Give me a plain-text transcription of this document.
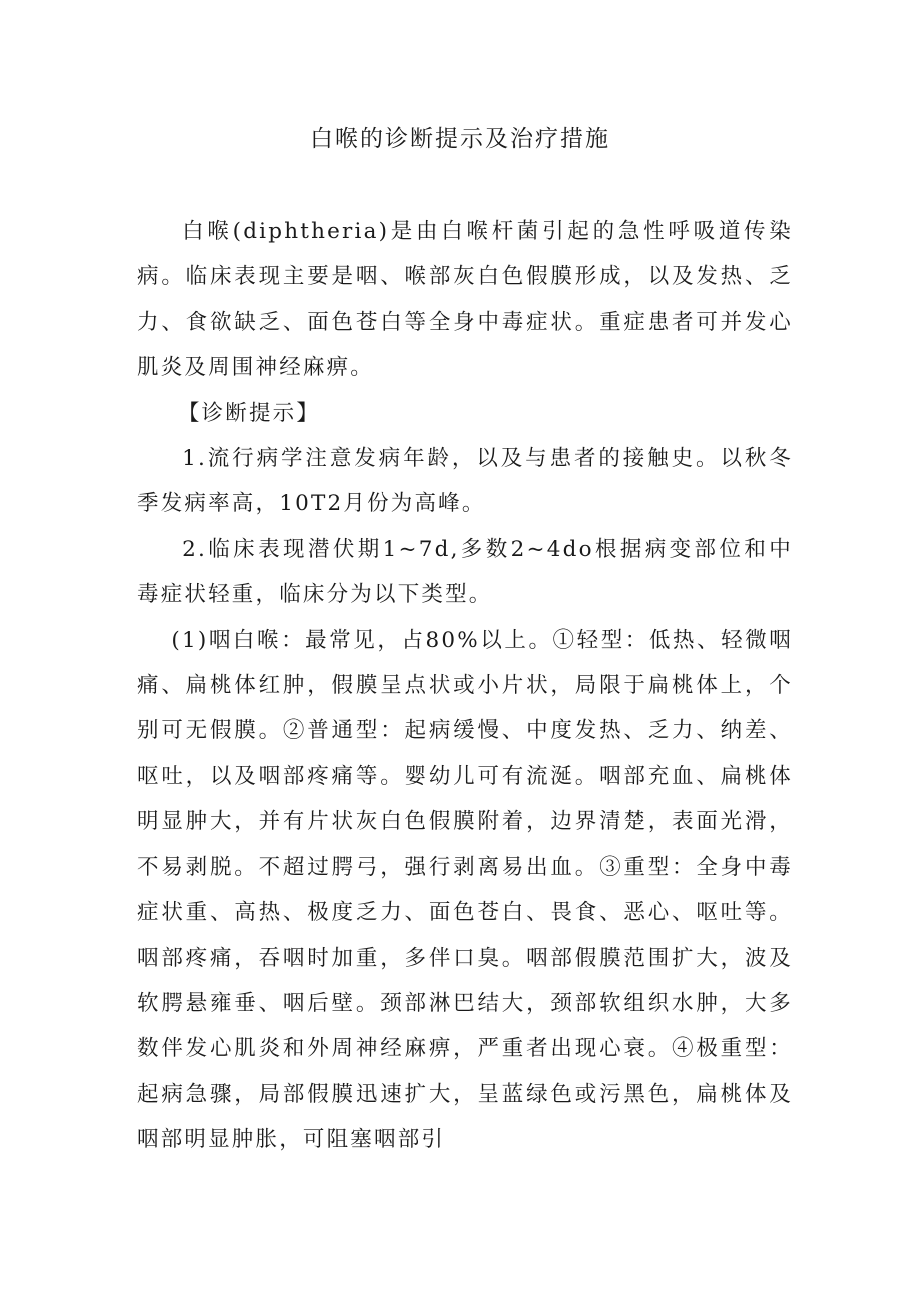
白喉的诊断提示及治疗措施

白喉(diphtheria)是由白喉杆菌引起的急性呼吸道传染病。临床表现主要是咽、喉部灰白色假膜形成，以及发热、乏力、食欲缺乏、面色苍白等全身中毒症状。重症患者可并发心肌炎及周围神经麻痹。

【诊断提示】

1.流行病学注意发病年龄，以及与患者的接触史。以秋冬季发病率高，10T2月份为高峰。

2.临床表现潜伏期1~7d,多数2~4do根据病变部位和中毒症状轻重，临床分为以下类型。

(1)咽白喉：最常见，占80%以上。①轻型：低热、轻微咽痛、扁桃体红肿，假膜呈点状或小片状，局限于扁桃体上，个别可无假膜。②普通型：起病缓慢、中度发热、乏力、纳差、呕吐，以及咽部疼痛等。婴幼儿可有流涎。咽部充血、扁桃体明显肿大，并有片状灰白色假膜附着，边界清楚，表面光滑，不易剥脱。不超过腭弓，强行剥离易出血。③重型：全身中毒症状重、高热、极度乏力、面色苍白、畏食、恶心、呕吐等。咽部疼痛，吞咽时加重，多伴口臭。咽部假膜范围扩大，波及软腭悬雍垂、咽后壁。颈部淋巴结大，颈部软组织水肿，大多数伴发心肌炎和外周神经麻痹，严重者出现心衰。④极重型：起病急骤，局部假膜迅速扩大，呈蓝绿色或污黑色，扁桃体及咽部明显肿胀，可阻塞咽部引
